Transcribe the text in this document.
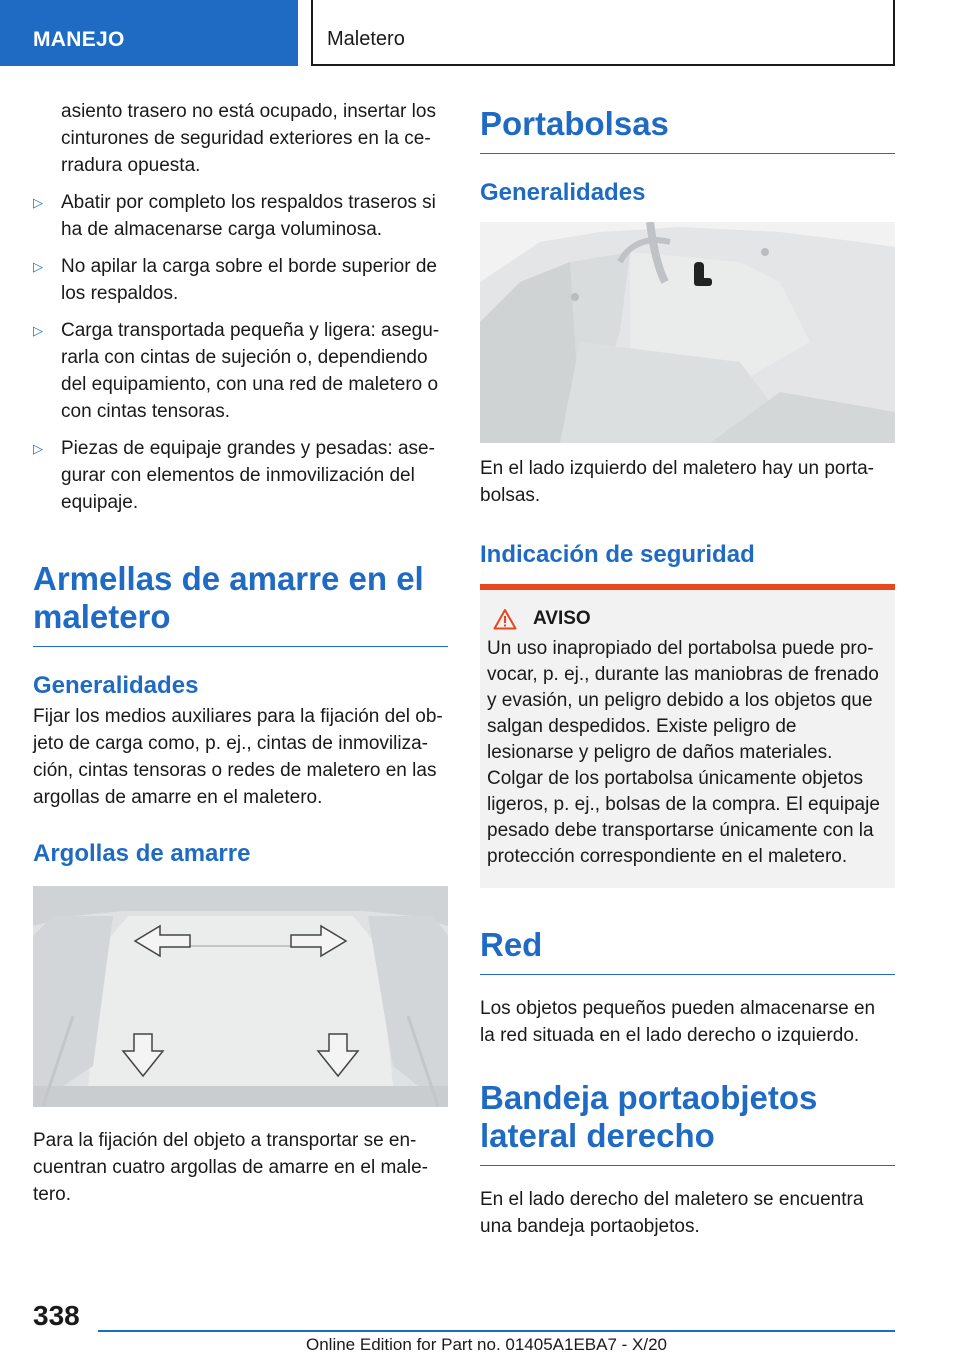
MANEJO	Maletero
asiento trasero no está ocupado, insertar los cinturones de seguridad exteriores en la ce-rradura opuesta.
▷ Abatir por completo los respaldos traseros si ha de almacenarse carga voluminosa.
▷ No apilar la carga sobre el borde superior de los respaldos.
▷ Carga transportada pequeña y ligera: asegu-rarla con cintas de sujeción o, dependiendo del equipamiento, con una red de maletero o con cintas tensoras.
▷ Piezas de equipaje grandes y pesadas: ase-gurar con elementos de inmovilización del equipaje.
Armellas de amarre en el maletero
Generalidades
Fijar los medios auxiliares para la fijación del ob-jeto de carga como, p. ej., cintas de inmoviliza-ción, cintas tensoras o redes de maletero en las argollas de amarre en el maletero.
Argollas de amarre
Para la fijación del objeto a transportar se en-cuentran cuatro argollas de amarre en el male-tero.
Portabolsas
Generalidades
En el lado izquierdo del maletero hay un porta-bolsas.
Indicación de seguridad
AVISO
Un uso inapropiado del portabolsa puede pro-vocar, p. ej., durante las maniobras de frenado y evasión, un peligro debido a los objetos que salgan despedidos. Existe peligro de lesionarse y peligro de daños materiales. Colgar de los portabolsa únicamente objetos ligeros, p. ej., bolsas de la compra. El equipaje pesado debe transportarse únicamente con la protección correspondiente en el maletero.
Red
Los objetos pequeños pueden almacenarse en la red situada en el lado derecho o izquierdo.
Bandeja portaobjetos lateral derecho
En el lado derecho del maletero se encuentra una bandeja portaobjetos.
338
Online Edition for Part no. 01405A1EBA7 - X/20
